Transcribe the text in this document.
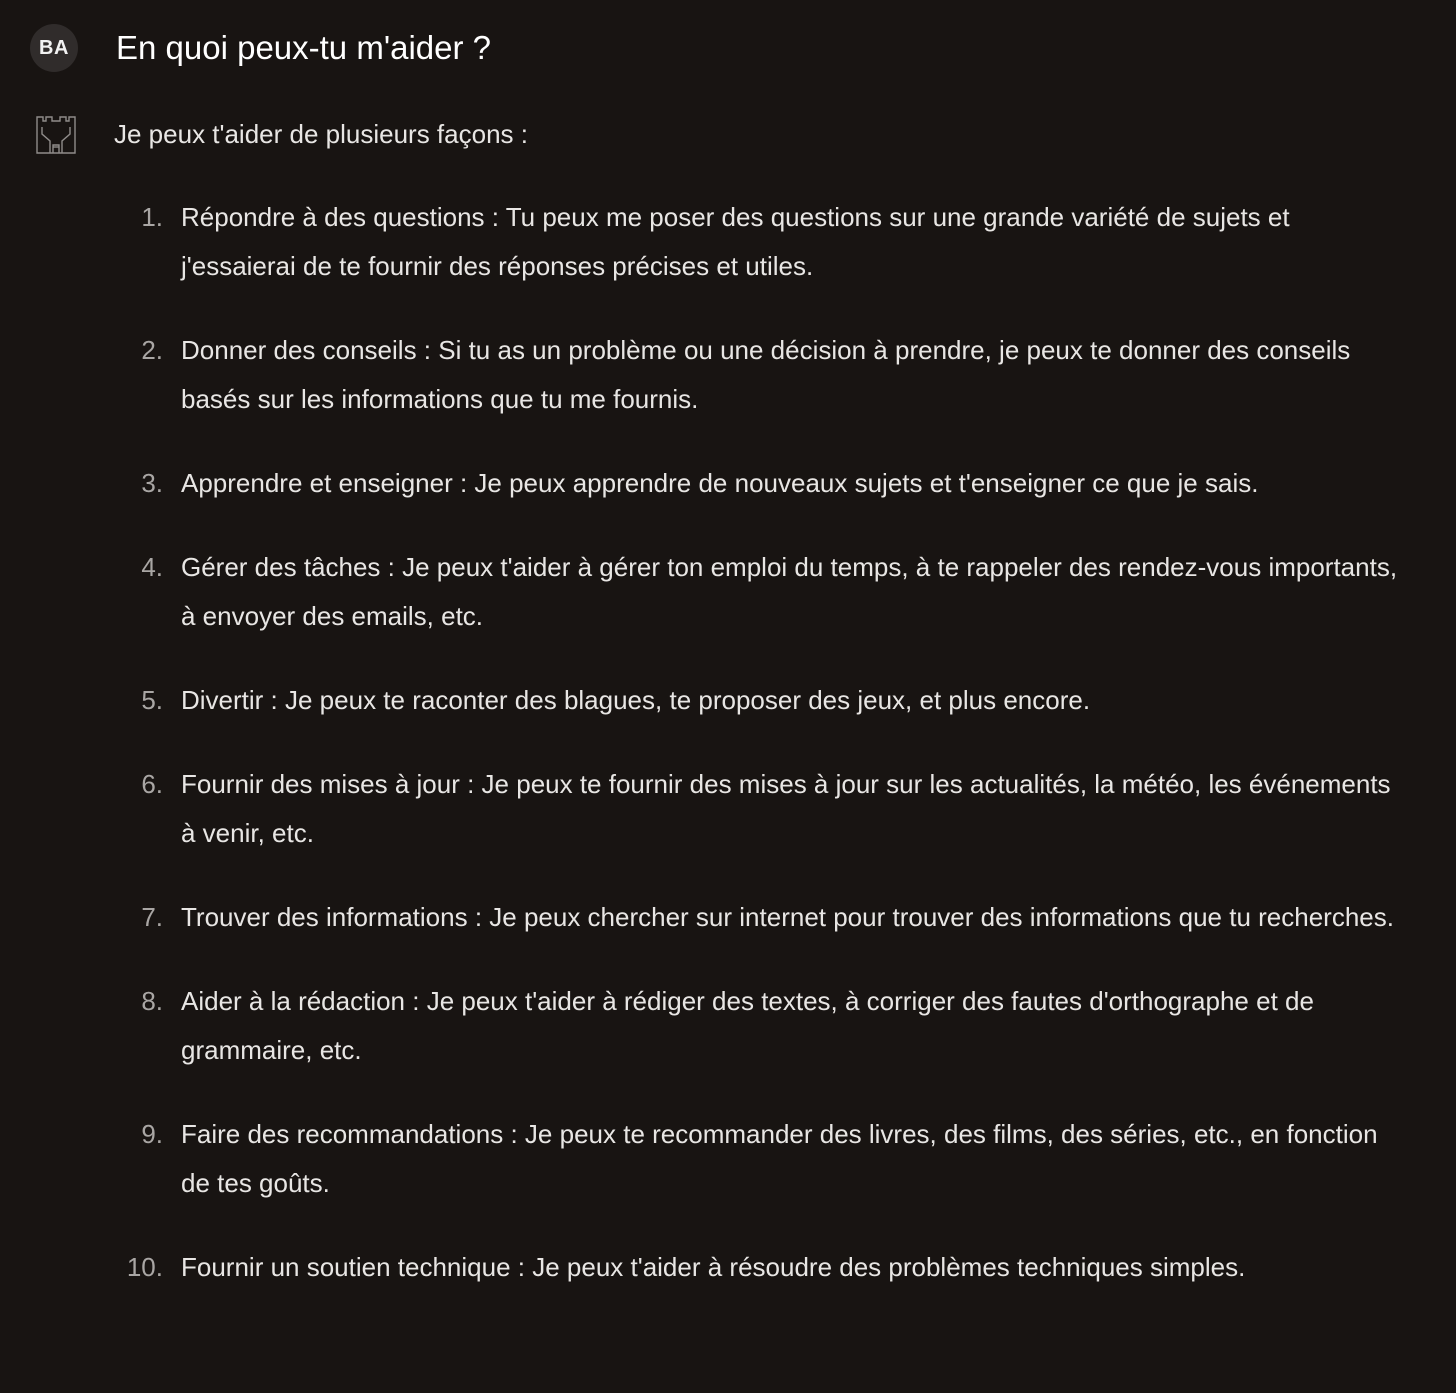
BA En quoi peux-tu m'aider ?
Je peux t'aider de plusieurs façons :
1. Répondre à des questions : Tu peux me poser des questions sur une grande variété de sujets et j'essaierai de te fournir des réponses précises et utiles.
2. Donner des conseils : Si tu as un problème ou une décision à prendre, je peux te donner des conseils basés sur les informations que tu me fournis.
3. Apprendre et enseigner : Je peux apprendre de nouveaux sujets et t'enseigner ce que je sais.
4. Gérer des tâches : Je peux t'aider à gérer ton emploi du temps, à te rappeler des rendez-vous importants, à envoyer des emails, etc.
5. Divertir : Je peux te raconter des blagues, te proposer des jeux, et plus encore.
6. Fournir des mises à jour : Je peux te fournir des mises à jour sur les actualités, la météo, les événements à venir, etc.
7. Trouver des informations : Je peux chercher sur internet pour trouver des informations que tu recherches.
8. Aider à la rédaction : Je peux t'aider à rédiger des textes, à corriger des fautes d'orthographe et de grammaire, etc.
9. Faire des recommandations : Je peux te recommander des livres, des films, des séries, etc., en fonction de tes goûts.
10. Fournir un soutien technique : Je peux t'aider à résoudre des problèmes techniques simples.
